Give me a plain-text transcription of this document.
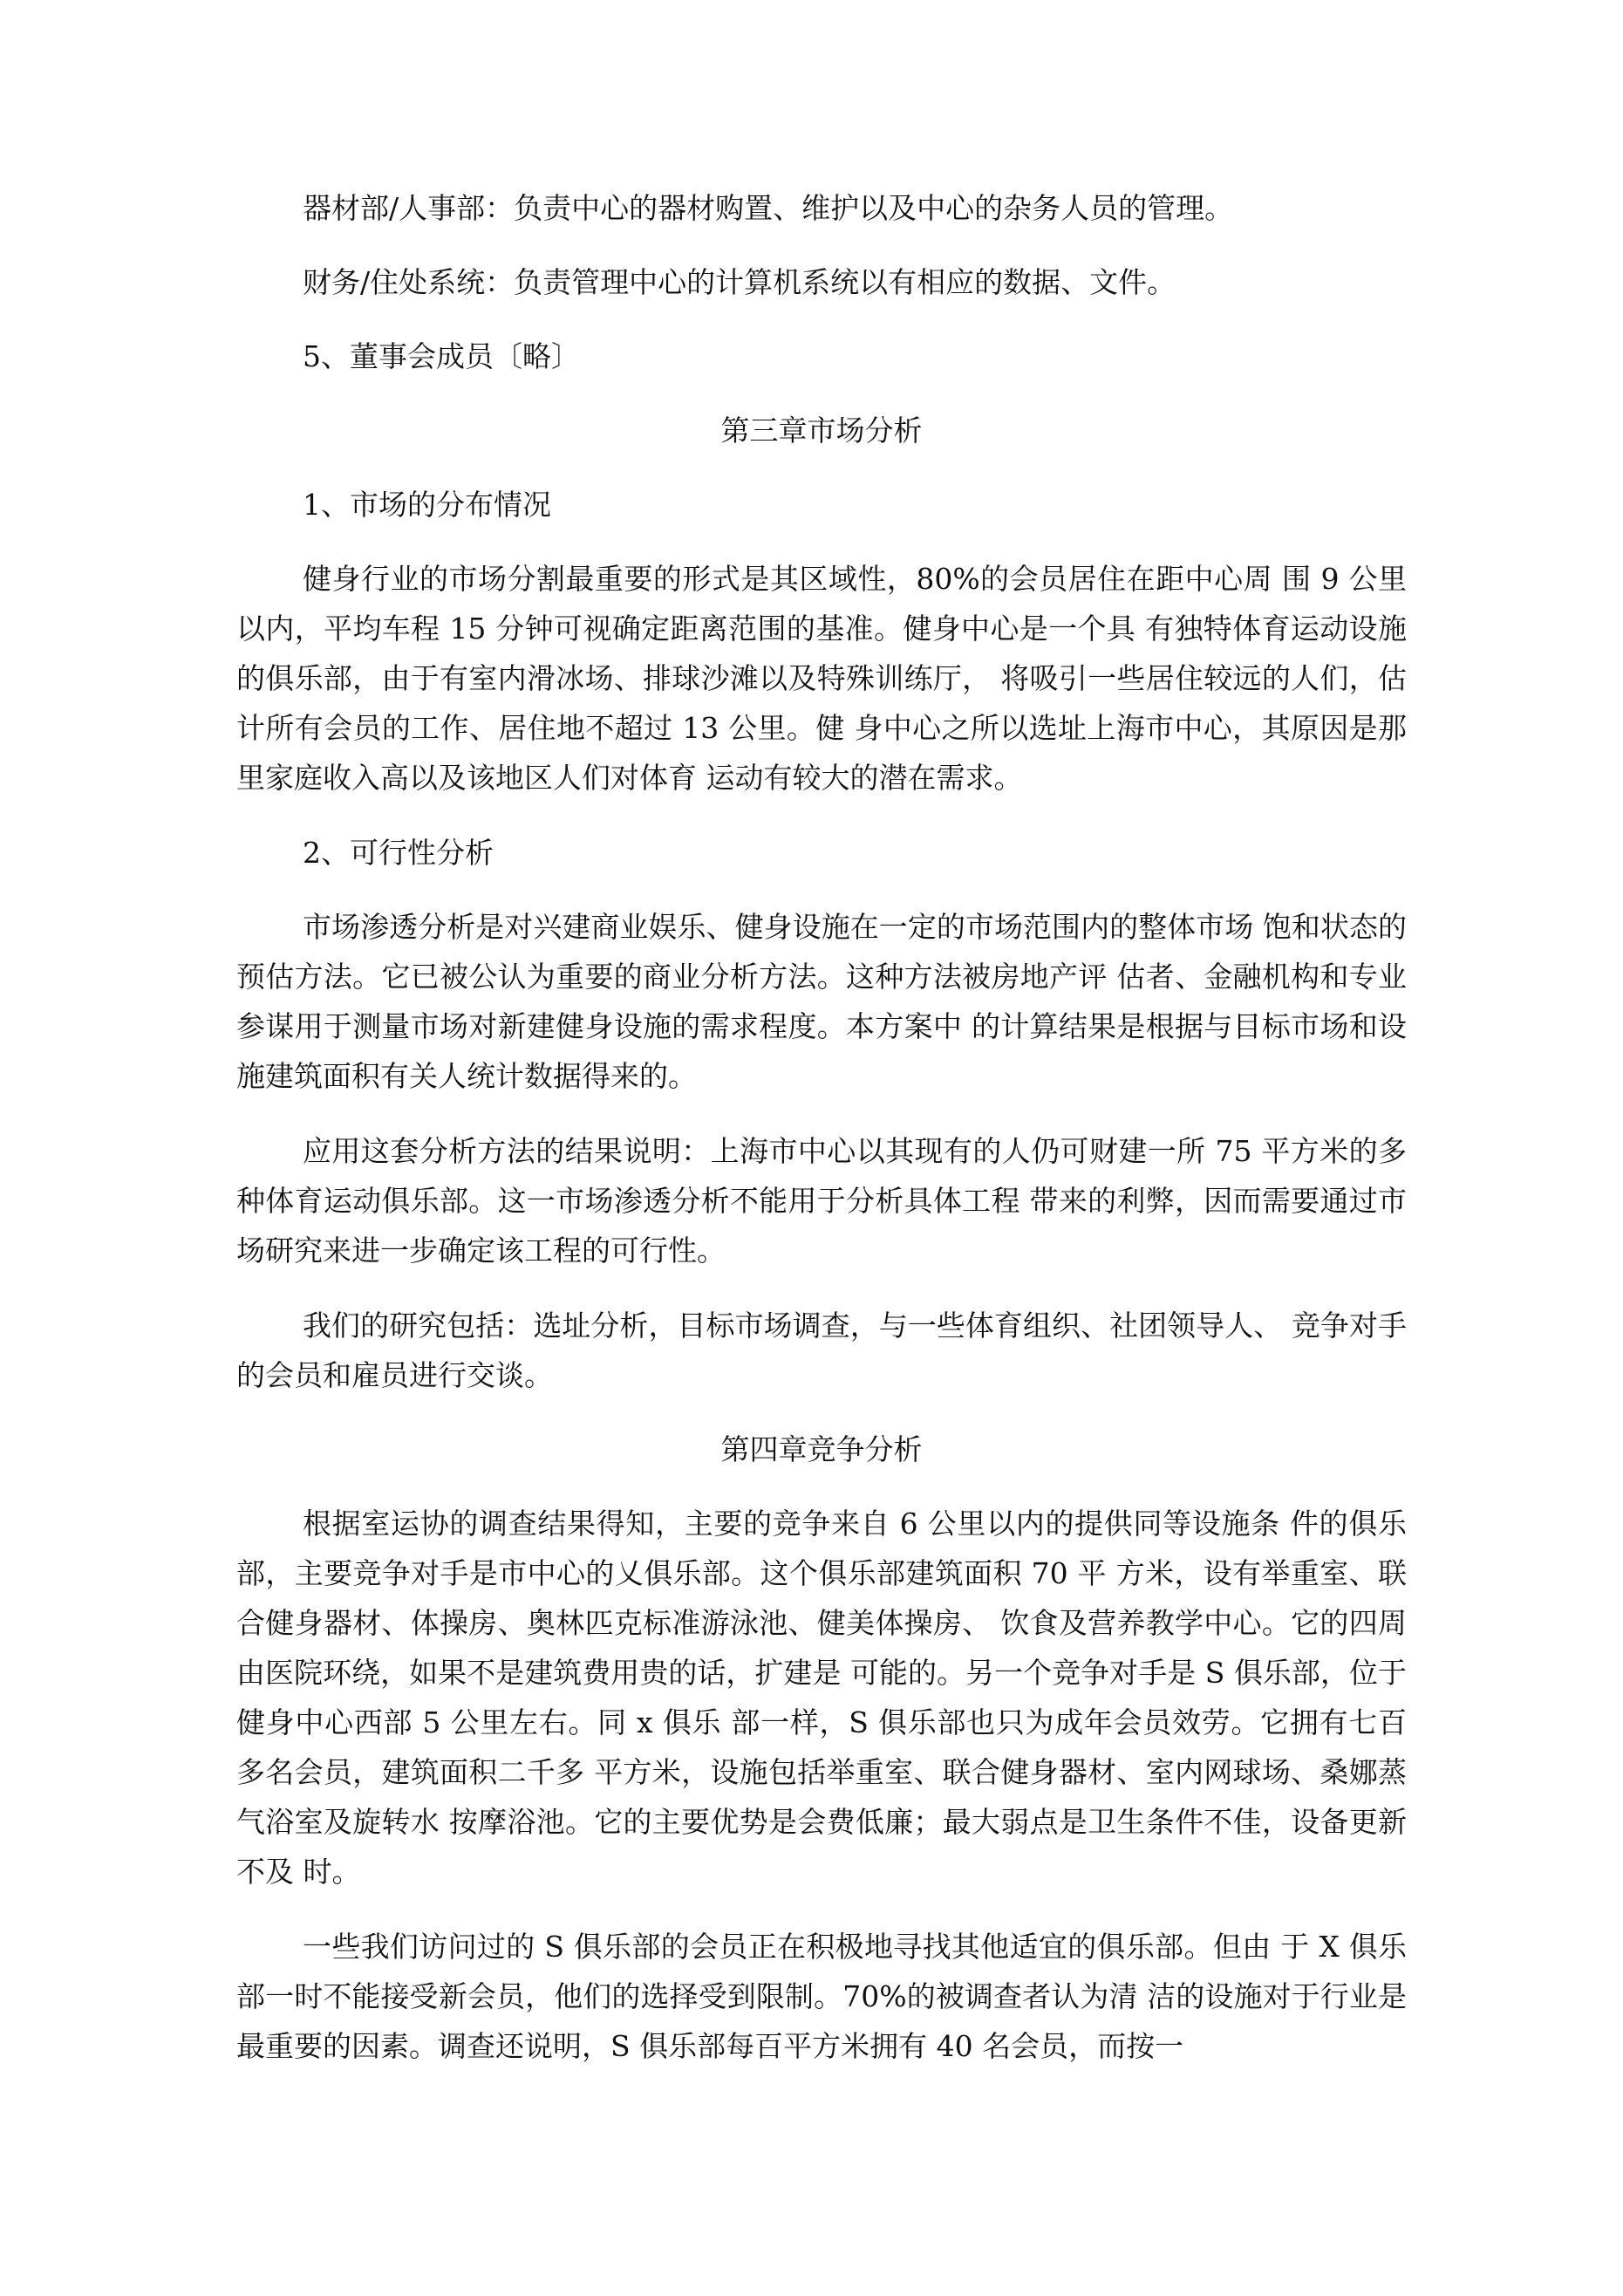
器材部/人事部：负责中心的器材购置、维护以及中心的杂务人员的管理。

财务/住处系统：负责管理中心的计算机系统以有相应的数据、文件。

5、董事会成员〔略〕

第三章市场分析

1、市场的分布情况

健身行业的市场分割最重要的形式是其区域性，80%的会员居住在距中心周 围 9 公里以内，平均车程 15 分钟可视确定距离范围的基准。健身中心是一个具 有独特体育运动设施的俱乐部，由于有室内滑冰场、排球沙滩以及特殊训练厅， 将吸引一些居住较远的人们，估计所有会员的工作、居住地不超过 13 公里。健 身中心之所以选址上海市中心，其原因是那里家庭收入高以及该地区人们对体育 运动有较大的潜在需求。

2、可行性分析

市场渗透分析是对兴建商业娱乐、健身设施在一定的市场范围内的整体市场 饱和状态的预估方法。它已被公认为重要的商业分析方法。这种方法被房地产评 估者、金融机构和专业参谋用于测量市场对新建健身设施的需求程度。本方案中 的计算结果是根据与目标市场和设施建筑面积有关人统计数据得来的。

应用这套分析方法的结果说明：上海市中心以其现有的人仍可财建一所 75 平方米的多种体育运动俱乐部。这一市场渗透分析不能用于分析具体工程 带来的利弊，因而需要通过市场研究来进一步确定该工程的可行性。

我们的研究包括：选址分析，目标市场调查，与一些体育组织、社团领导人、 竞争对手的会员和雇员进行交谈。

第四章竞争分析

根据室运协的调查结果得知，主要的竞争来自 6 公里以内的提供同等设施条 件的俱乐部，主要竞争对手是市中心的乂俱乐部。这个俱乐部建筑面积 70 平 方米，设有举重室、联合健身器材、体操房、奥林匹克标准游泳池、健美体操房、 饮食及营养教学中心。它的四周由医院环绕，如果不是建筑费用贵的话，扩建是 可能的。另一个竞争对手是 S 俱乐部，位于健身中心西部 5 公里左右。同 x 俱乐 部一样，S 俱乐部也只为成年会员效劳。它拥有七百多名会员，建筑面积二千多 平方米，设施包括举重室、联合健身器材、室内网球场、桑娜蒸气浴室及旋转水 按摩浴池。它的主要优势是会费低廉；最大弱点是卫生条件不佳，设备更新不及 时。

一些我们访问过的 S 俱乐部的会员正在积极地寻找其他适宜的俱乐部。但由 于 X 俱乐部一时不能接受新会员，他们的选择受到限制。70%的被调查者认为清 洁的设施对于行业是最重要的因素。调查还说明，S 俱乐部每百平方米拥有 40 名会员，而按一
